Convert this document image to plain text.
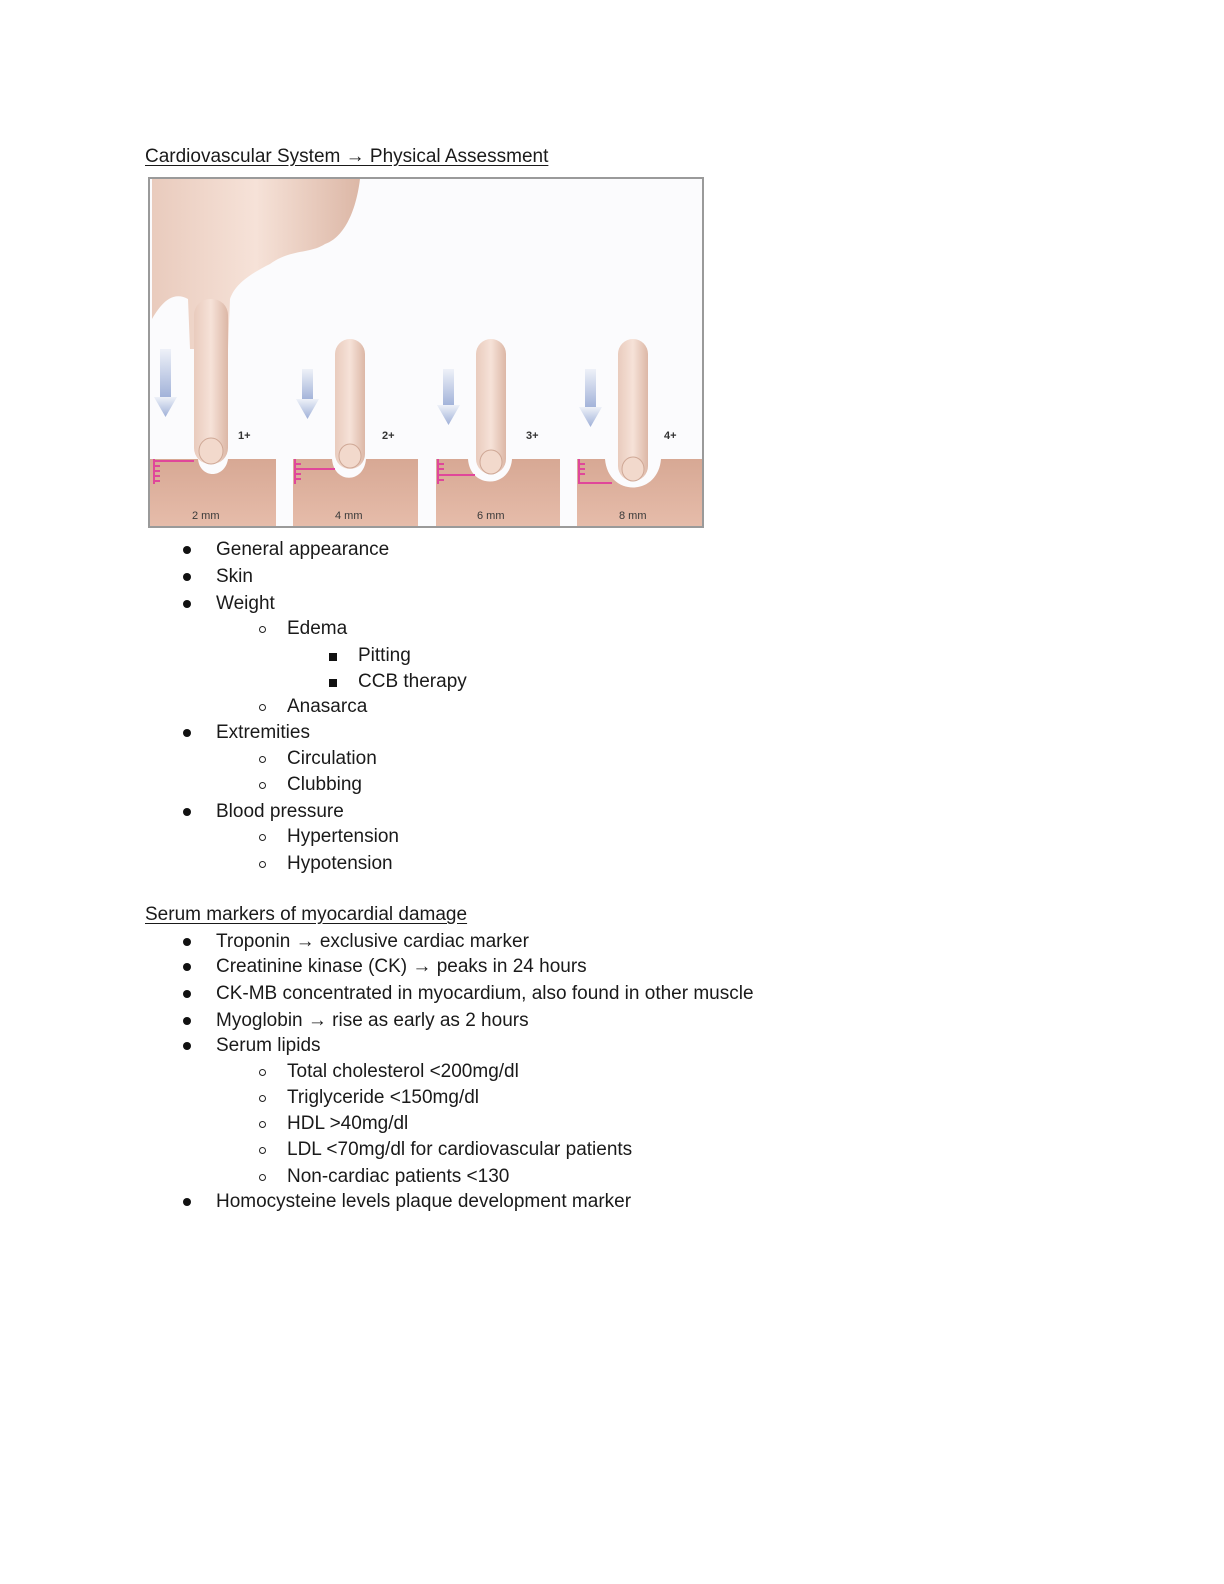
Cardiovascular System → Physical Assessment
1+	2+	3+	4+
2 mm	4 mm	6 mm	8 mm
General appearance
Skin
Weight
Edema
Pitting
CCB therapy
Anasarca
Extremities
Circulation
Clubbing
Blood pressure
Hypertension
Hypotension
Serum markers of myocardial damage
Troponin → exclusive cardiac marker
Creatinine kinase (CK) → peaks in 24 hours
CK-MB concentrated in myocardium, also found in other muscle
Myoglobin → rise as early as 2 hours
Serum lipids
Total cholesterol <200mg/dl
Triglyceride <150mg/dl
HDL >40mg/dl
LDL <70mg/dl for cardiovascular patients
Non-cardiac patients <130
Homocysteine levels plaque development marker
